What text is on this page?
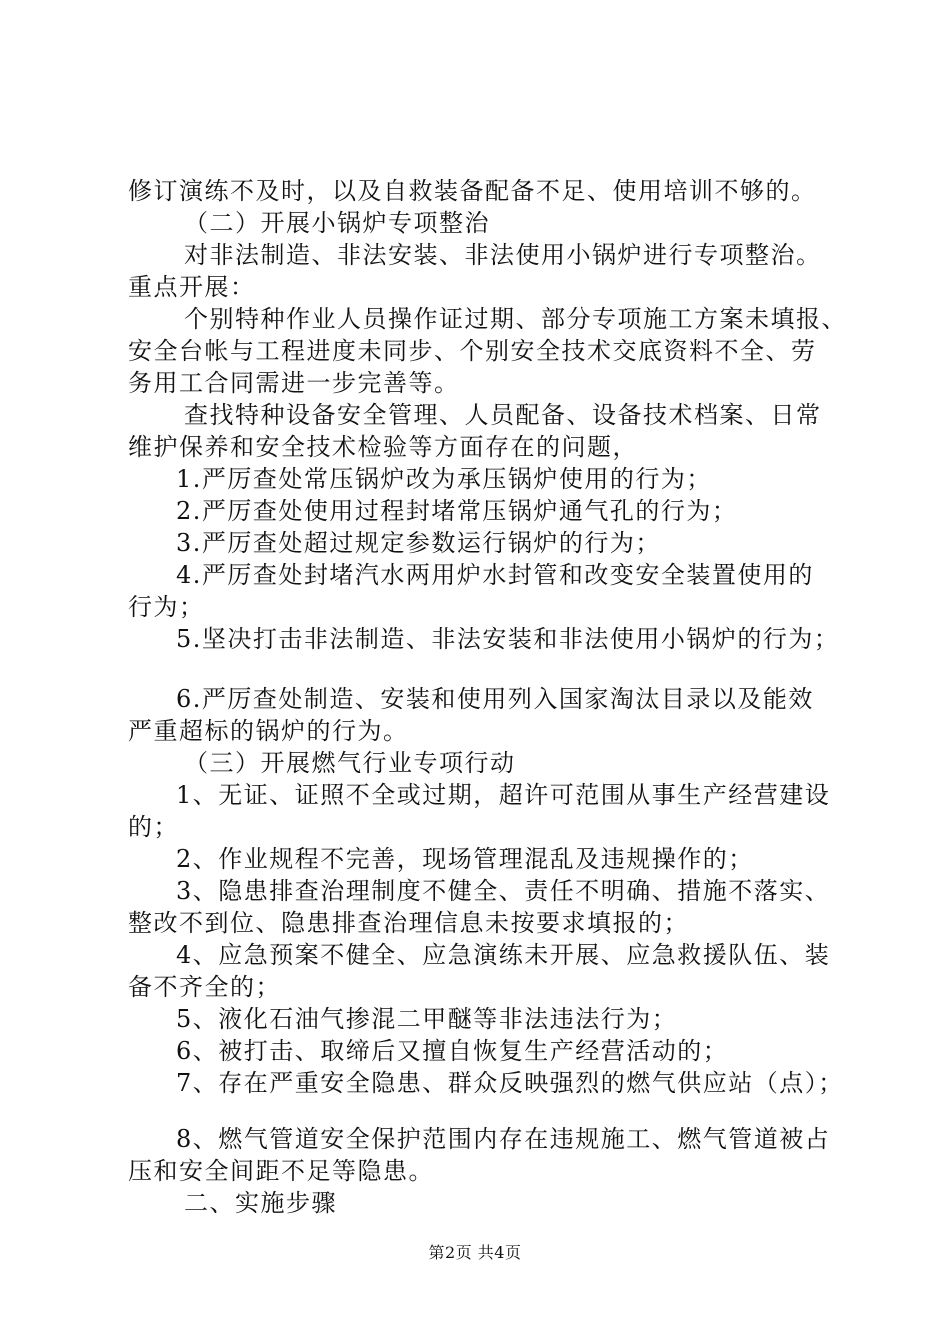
修订演练不及时，以及自救装备配备不足、使用培训不够的。
（二）开展小锅炉专项整治
对非法制造、非法安装、非法使用小锅炉进行专项整治。
重点开展：
个别特种作业人员操作证过期、部分专项施工方案未填报、
安全台帐与工程进度未同步、个别安全技术交底资料不全、劳
务用工合同需进一步完善等。
查找特种设备安全管理、人员配备、设备技术档案、日常
维护保养和安全技术检验等方面存在的问题，
1.严厉查处常压锅炉改为承压锅炉使用的行为；
2.严厉查处使用过程封堵常压锅炉通气孔的行为；
3.严厉查处超过规定参数运行锅炉的行为；
4.严厉查处封堵汽水两用炉水封管和改变安全装置使用的
行为；
5.坚决打击非法制造、非法安装和非法使用小锅炉的行为；
6.严厉查处制造、安装和使用列入国家淘汰目录以及能效
严重超标的锅炉的行为。
（三）开展燃气行业专项行动
1、无证、证照不全或过期，超许可范围从事生产经营建设
的；
2、作业规程不完善，现场管理混乱及违规操作的；
3、隐患排查治理制度不健全、责任不明确、措施不落实、
整改不到位、隐患排查治理信息未按要求填报的；
4、应急预案不健全、应急演练未开展、应急救援队伍、装
备不齐全的；
5、液化石油气掺混二甲醚等非法违法行为；
6、被打击、取缔后又擅自恢复生产经营活动的；
7、存在严重安全隐患、群众反映强烈的燃气供应站（点）；
8、燃气管道安全保护范围内存在违规施工、燃气管道被占
压和安全间距不足等隐患。
二、实施步骤
第2页 共4页
